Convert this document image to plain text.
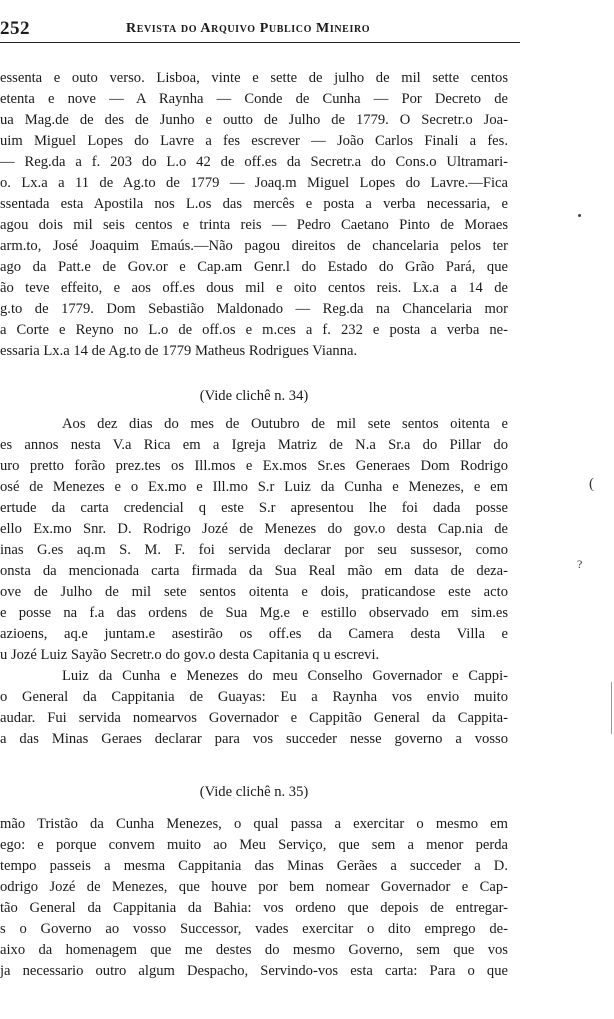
252	Revista do Arquivo Publico Mineiro
essenta e outo verso. Lisboa, vinte e sette de julho de mil sette centos
etenta e nove — A Raynha — Conde de Cunha — Por Decreto de
ua Mag.de de des de Junho e outto de Julho de 1779. O Secretr.o Joa-
uim Miguel Lopes do Lavre a fes escrever — João Carlos Finali a fes.
— Reg.da a f. 203 do L.o 42 de off.es da Secretr.a do Cons.o Ultramari-
o. Lx.a a 11 de Ag.to de 1779 — Joaq.m Miguel Lopes do Lavre.—Fica
ssentada esta Apostila nos L.os das mercês e posta a verba necessaria, e
agou dois mil seis centos e trinta reis — Pedro Caetano Pinto de Moraes
arm.to, José Joaquim Emaús.—Não pagou direitos de chancelaria pelos ter
ago da Patt.e de Gov.or e Cap.am Genr.l do Estado do Grão Pará, que
ão teve effeito, e aos off.es dous mil e oito centos reis. Lx.a a 14 de
g.to de 1779. Dom Sebastião Maldonado — Reg.da na Chancelaria mor
a Corte e Reyno no L.o de off.os e m.ces a f. 232 e posta a verba ne-
essaria Lx.a 14 de Ag.to de 1779 Matheus Rodrigues Vianna.
(Vide clichê n. 34)
Aos dez dias do mes de Outubro de mil sete sentos oitenta e
es annos nesta V.a Rica em a Igreja Matriz de N.a Sr.a do Pillar do
uro pretto forão prez.tes os Ill.mos e Ex.mos Sr.es Generaes Dom Rodrigo
osé de Menezes e o Ex.mo e Ill.mo S.r Luiz da Cunha e Menezes, e em
ertude da carta credencial q este S.r apresentou lhe foi dada posse
ello Ex.mo Snr. D. Rodrigo Jozé de Menezes do gov.o desta Cap.nia de
inas G.es aq.m S. M. F. foi servida declarar por seu sussesor, como
onsta da mencionada carta firmada da Sua Real mão em data de deza-
ove de Julho de mil sete sentos oitenta e dois, praticandose este acto
e posse na f.a das ordens de Sua Mg.e e estillo observado em sim.es
azioens, aq.e juntam.e asestirão os off.es da Camera desta Villa e
u Jozé Luiz Sayão Secretr.o do gov.o desta Capitania q u escrevi.
Luiz da Cunha e Menezes do meu Conselho Governador e Cappi-
o General da Cappitania de Guayas: Eu a Raynha vos envio muito
audar. Fui servida nomearvos Governador e Cappitão General da Cappita-
a das Minas Geraes declarar para vos succeder nesse governo a vosso
(Vide clichê n. 35)
mão Tristão da Cunha Menezes, o qual passa a exercitar o mesmo em
ego: e porque convem muito ao Meu Serviço, que sem a menor perda
tempo passeis a mesma Cappitania das Minas Gerães a succeder a D.
odrigo Jozé de Menezes, que houve por bem nomear Governador e Cap-
tão General da Cappitania da Bahia: vos ordeno que depois de entregar-
s o Governo ao vosso Successor, vades exercitar o dito emprego de-
aixo da homenagem que me destes do mesmo Governo, sem que vos
ja necessario outro algum Despacho, Servindo-vos esta carta: Para o que
(
?
